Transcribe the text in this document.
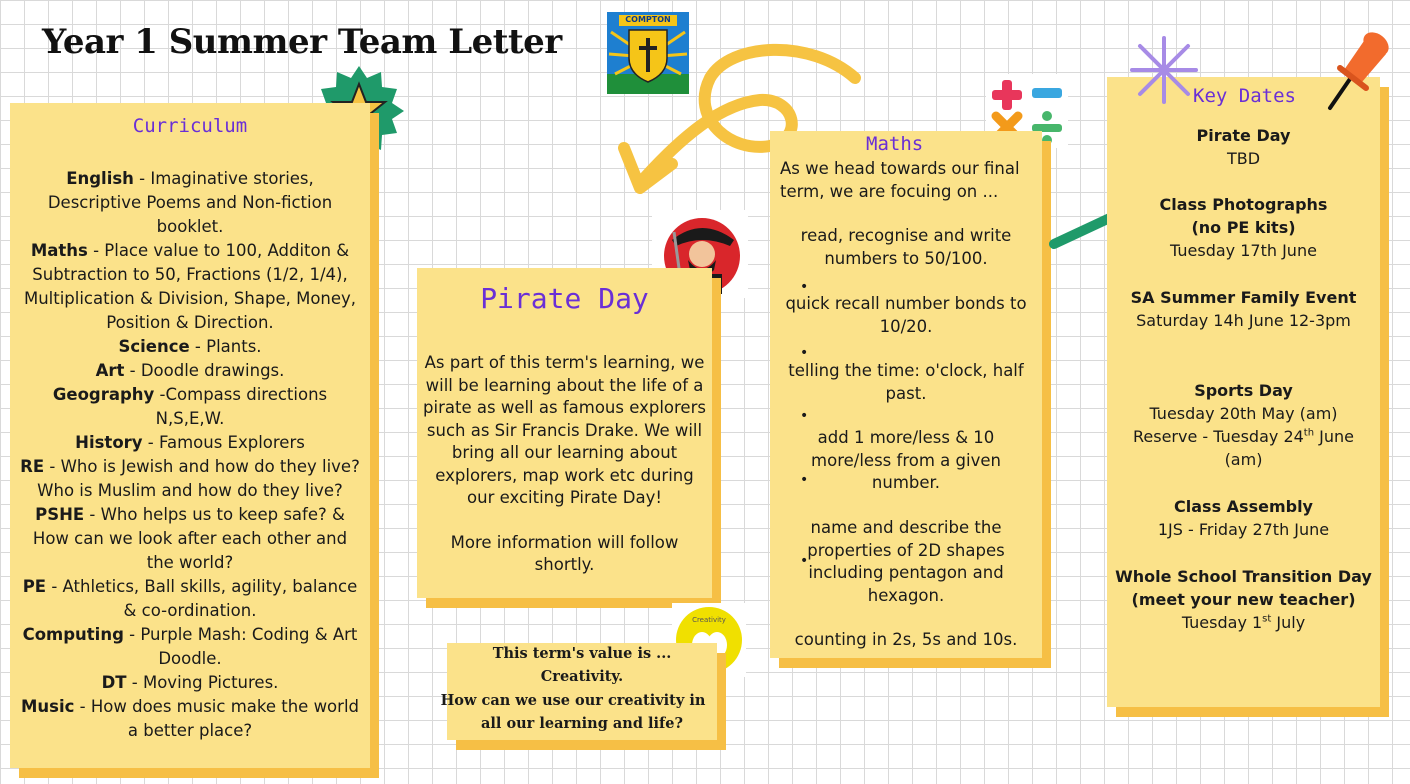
Year 1 Summer Team Letter
COMPTON
Curriculum
English - Imaginative stories, Descriptive Poems and Non-fiction booklet.
Maths - Place value to 100, Additon & Subtraction to 50, Fractions (1/2, 1/4), Multiplication & Division, Shape, Money, Position & Direction.
Science - Plants.
Art - Doodle drawings.
Geography -Compass directions N,S,E,W.
History - Famous Explorers
RE - Who is Jewish and how do they live? Who is Muslim and how do they live?
PSHE - Who helps us to keep safe? & How can we look after each other and the world?
PE - Athletics, Ball skills, agility, balance & co-ordination.
Computing - Purple Mash: Coding & Art Doodle.
DT - Moving Pictures.
Music - How does music make the world a better place?
Pirate Day
As part of this term's learning, we will be learning about the life of a pirate as well as famous explorers such as Sir Francis Drake. We will bring all our learning about explorers, map work etc during our exciting Pirate Day!
More information will follow shortly.
Creativity
This term's value is ...
Creativity.
How can we use our creativity in
all our learning and life?
Maths
As we head towards our final term, we are focuing on ...
read, recognise and write numbers to 50/100.
•
quick recall number bonds to 10/20.
•
telling the time: o'clock, half past.
•
add 1 more/less & 10 more/less from a given number.
•
name and describe the properties of 2D shapes including pentagon and hexagon.
•
counting in 2s, 5s and 10s.
Key Dates
Pirate Day
TBD
Class Photographs
(no PE kits)
Tuesday 17th June
SA Summer Family Event
Saturday 14h June 12-3pm
Sports Day
Tuesday 20th May (am)
Reserve - Tuesday 24th June
(am)
Class Assembly
1JS - Friday 27th June
Whole School Transition Day
(meet your new teacher)
Tuesday 1st July
